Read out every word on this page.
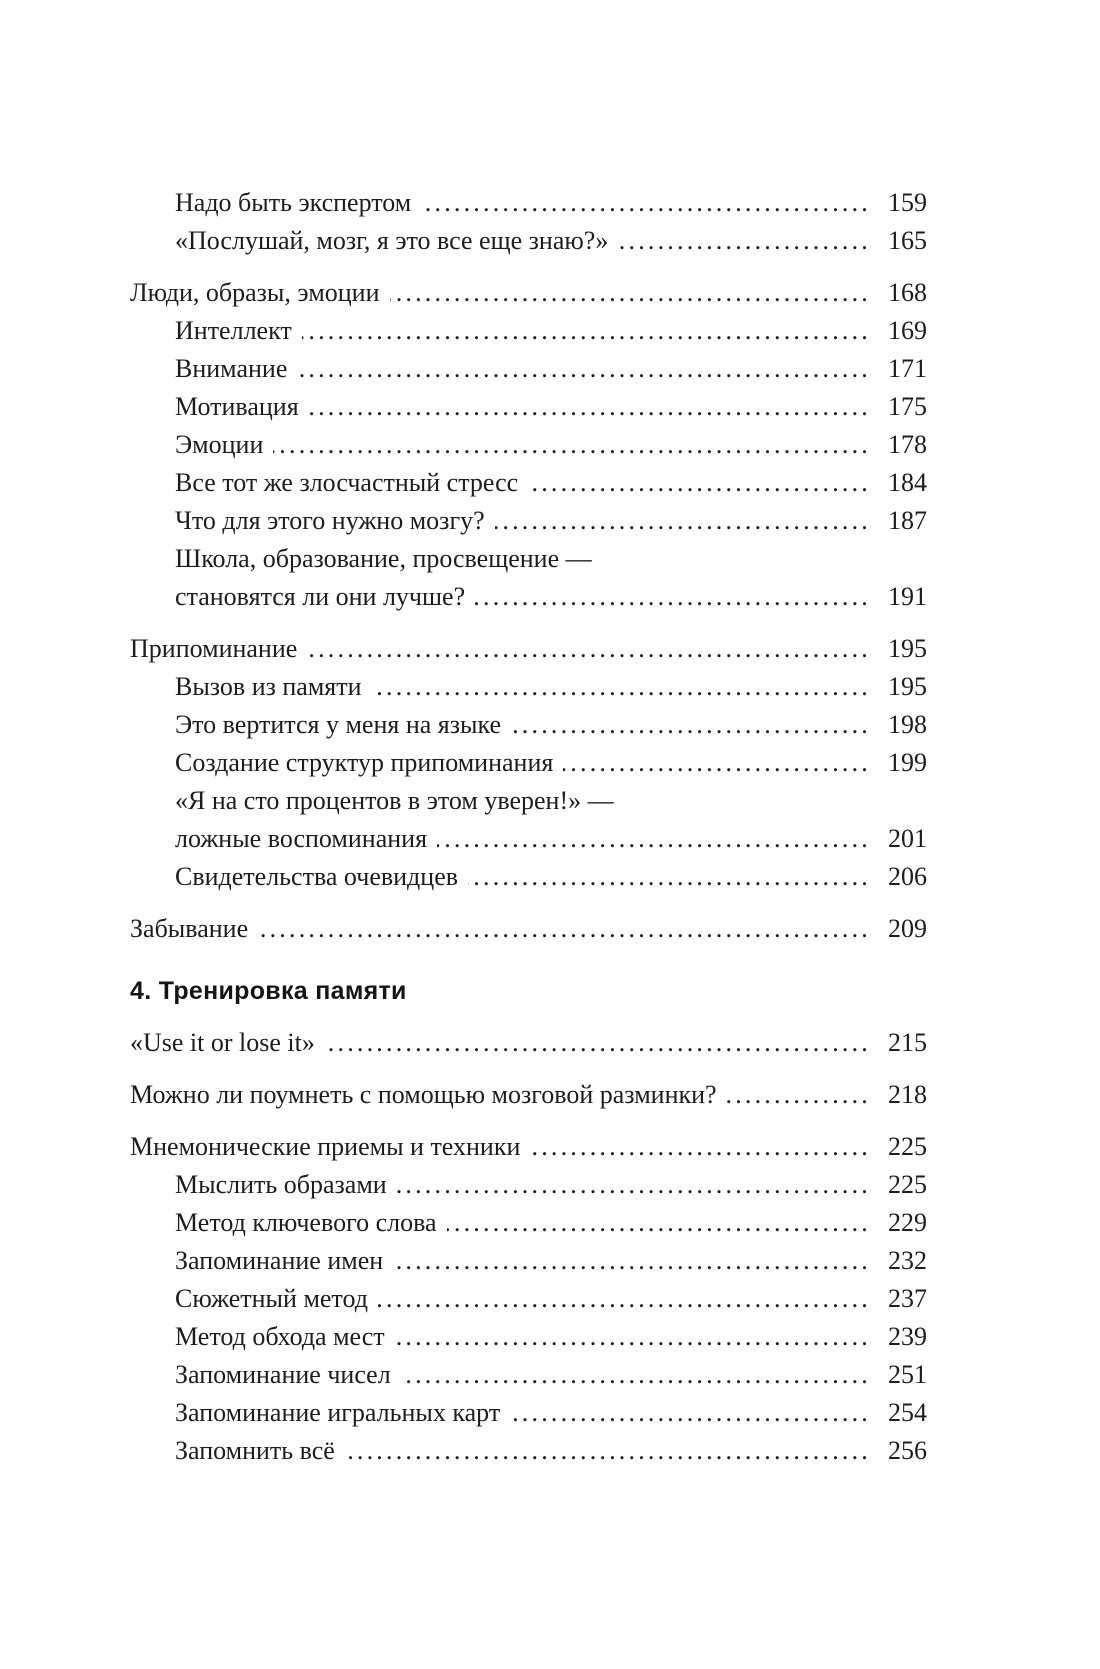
Надо быть экспертом .....	159
«Послушай, мозг, я это все еще знаю?» .....	165
Люди, образы, эмоции .....	168
Интеллект .....	169
Внимание .....	171
Мотивация .....	175
Эмоции .....	178
Все тот же злосчастный стресс .....	184
Что для этого нужно мозгу? .....	187
Школа, образование, просвещение —
становятся ли они лучше? .....	191
Припоминание .....	195
Вызов из памяти .....	195
Это вертится у меня на языке .....	198
Создание структур припоминания .....	199
«Я на сто процентов в этом уверен!» —
ложные воспоминания .....	201
Свидетельства очевидцев .....	206
Забывание .....	209
4. Тренировка памяти
«Use it or lose it» .....	215
Можно ли поумнеть с помощью мозговой разминки? .....	218
Мнемонические приемы и техники .....	225
Мыслить образами .....	225
Метод ключевого слова .....	229
Запоминание имен .....	232
Сюжетный метод .....	237
Метод обхода мест .....	239
Запоминание чисел .....	251
Запоминание игральных карт .....	254
Запомнить всё .....	256
